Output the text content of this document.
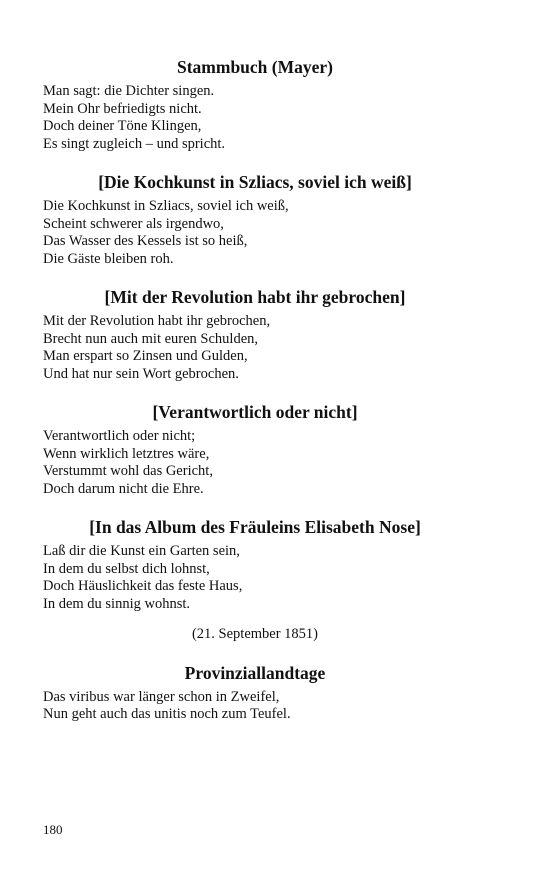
Stammbuch (Mayer)
Man sagt: die Dichter singen.
Mein Ohr befriedigts nicht.
Doch deiner Töne Klingen,
Es singt zugleich – und spricht.
[Die Kochkunst in Szliacs, soviel ich weiß]
Die Kochkunst in Szliacs, soviel ich weiß,
Scheint schwerer als irgendwo,
Das Wasser des Kessels ist so heiß,
Die Gäste bleiben roh.
[Mit der Revolution habt ihr gebrochen]
Mit der Revolution habt ihr gebrochen,
Brecht nun auch mit euren Schulden,
Man erspart so Zinsen und Gulden,
Und hat nur sein Wort gebrochen.
[Verantwortlich oder nicht]
Verantwortlich oder nicht;
Wenn wirklich letztres wäre,
Verstummt wohl das Gericht,
Doch darum nicht die Ehre.
[In das Album des Fräuleins Elisabeth Nose]
Laß dir die Kunst ein Garten sein,
In dem du selbst dich lohnst,
Doch Häuslichkeit das feste Haus,
In dem du sinnig wohnst.
(21. September 1851)
Provinziallandtage
Das viribus war länger schon in Zweifel,
Nun geht auch das unitis noch zum Teufel.
180
